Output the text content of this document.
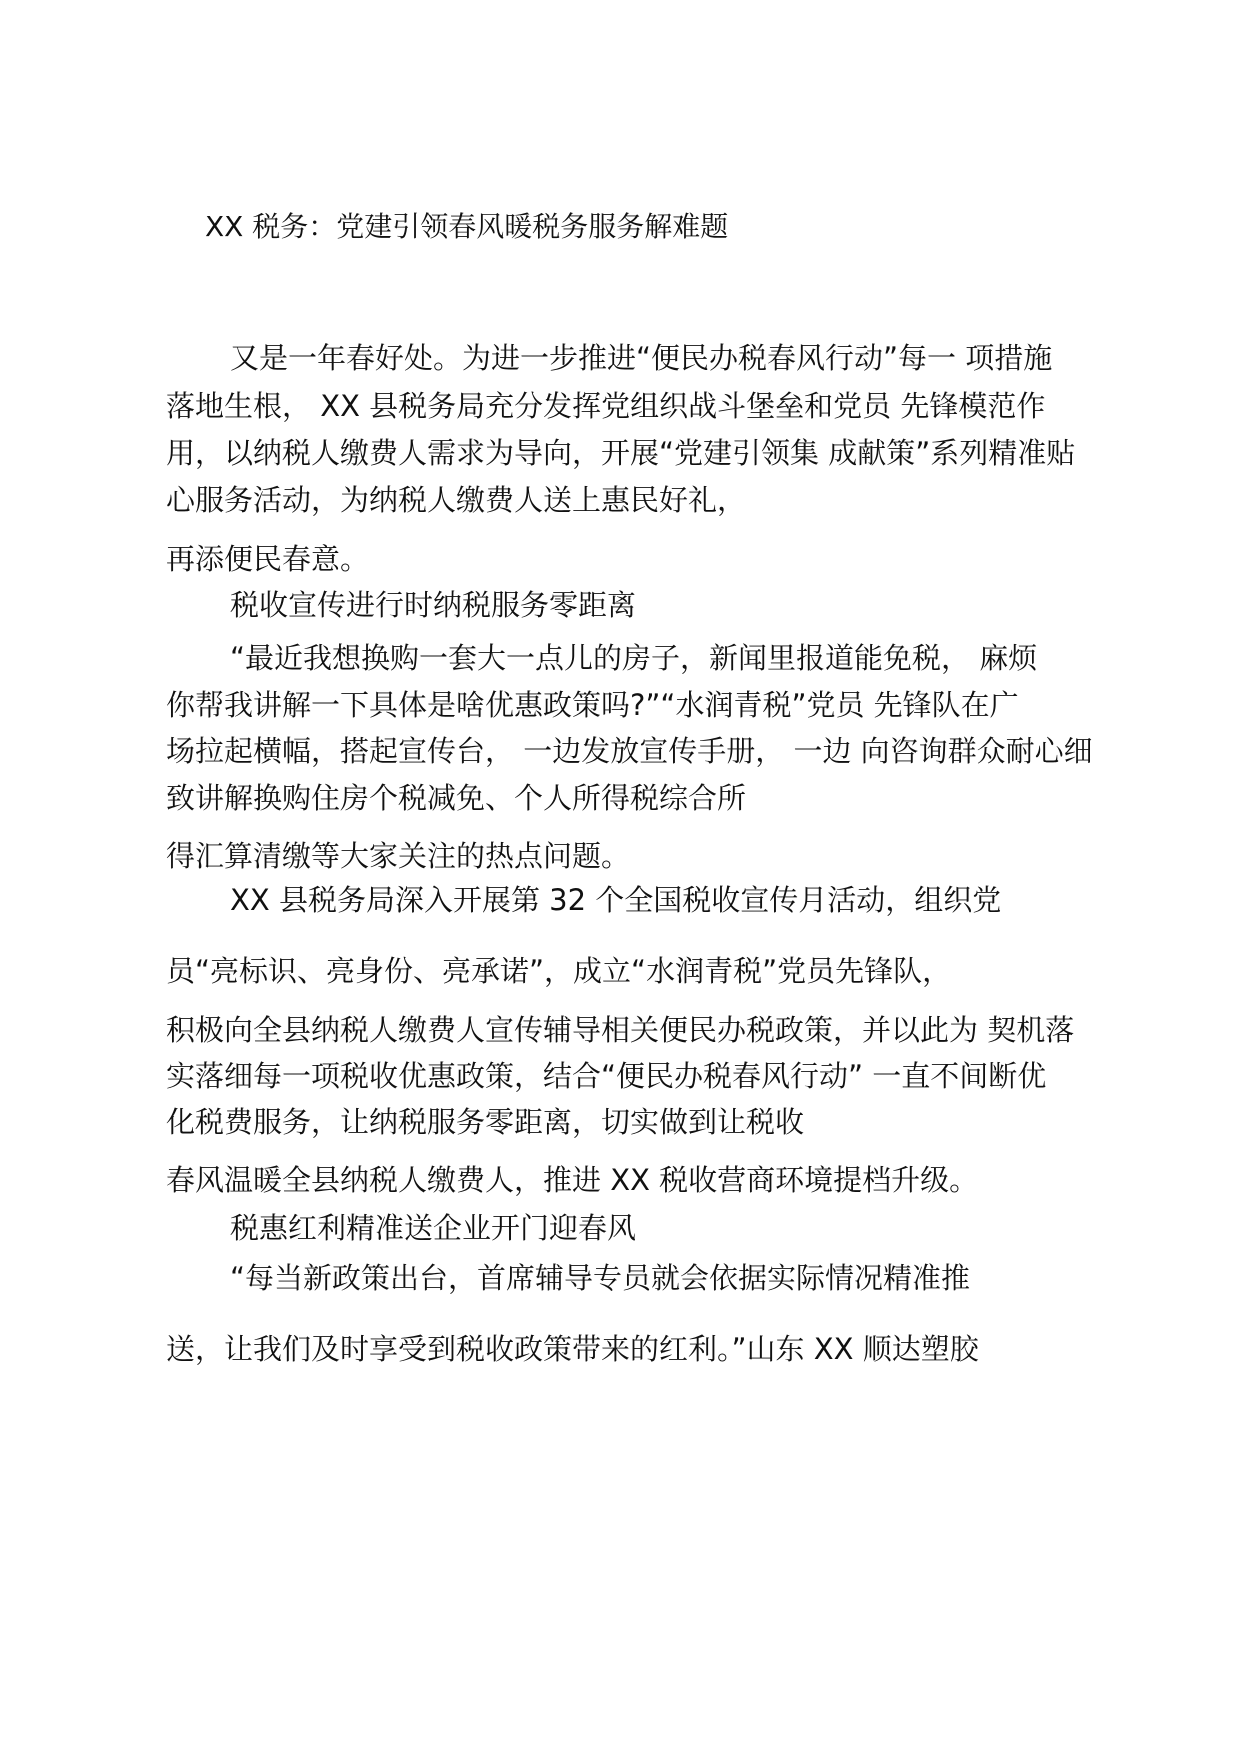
XX 税务：党建引领春风暖税务服务解难题
又是一年春好处。为进一步推进“便民办税春风行动”每一 项措施
落地生根， XX 县税务局充分发挥党组织战斗堡垒和党员 先锋模范作
用，以纳税人缴费人需求为导向，开展“党建引领集 成献策”系列精准贴
心服务活动，为纳税人缴费人送上惠民好礼，
再添便民春意。
税收宣传进行时纳税服务零距离
“最近我想换购一套大一点儿的房子，新闻里报道能免税， 麻烦
你帮我讲解一下具体是啥优惠政策吗?”“水润青税”党员 先锋队在广
场拉起横幅，搭起宣传台， 一边发放宣传手册， 一边 向咨询群众耐心细
致讲解换购住房个税减免、个人所得税综合所
得汇算清缴等大家关注的热点问题。
XX 县税务局深入开展第 32 个全国税收宣传月活动，组织党
员“亮标识、亮身份、亮承诺”，成立“水润青税”党员先锋队，
积极向全县纳税人缴费人宣传辅导相关便民办税政策，并以此为 契机落
实落细每一项税收优惠政策，结合“便民办税春风行动” 一直不间断优
化税费服务，让纳税服务零距离，切实做到让税收
春风温暖全县纳税人缴费人，推进 XX 税收营商环境提档升级。
税惠红利精准送企业开门迎春风
“每当新政策出台，首席辅导专员就会依据实际情况精准推
送，让我们及时享受到税收政策带来的红利。”山东 XX 顺达塑胶
